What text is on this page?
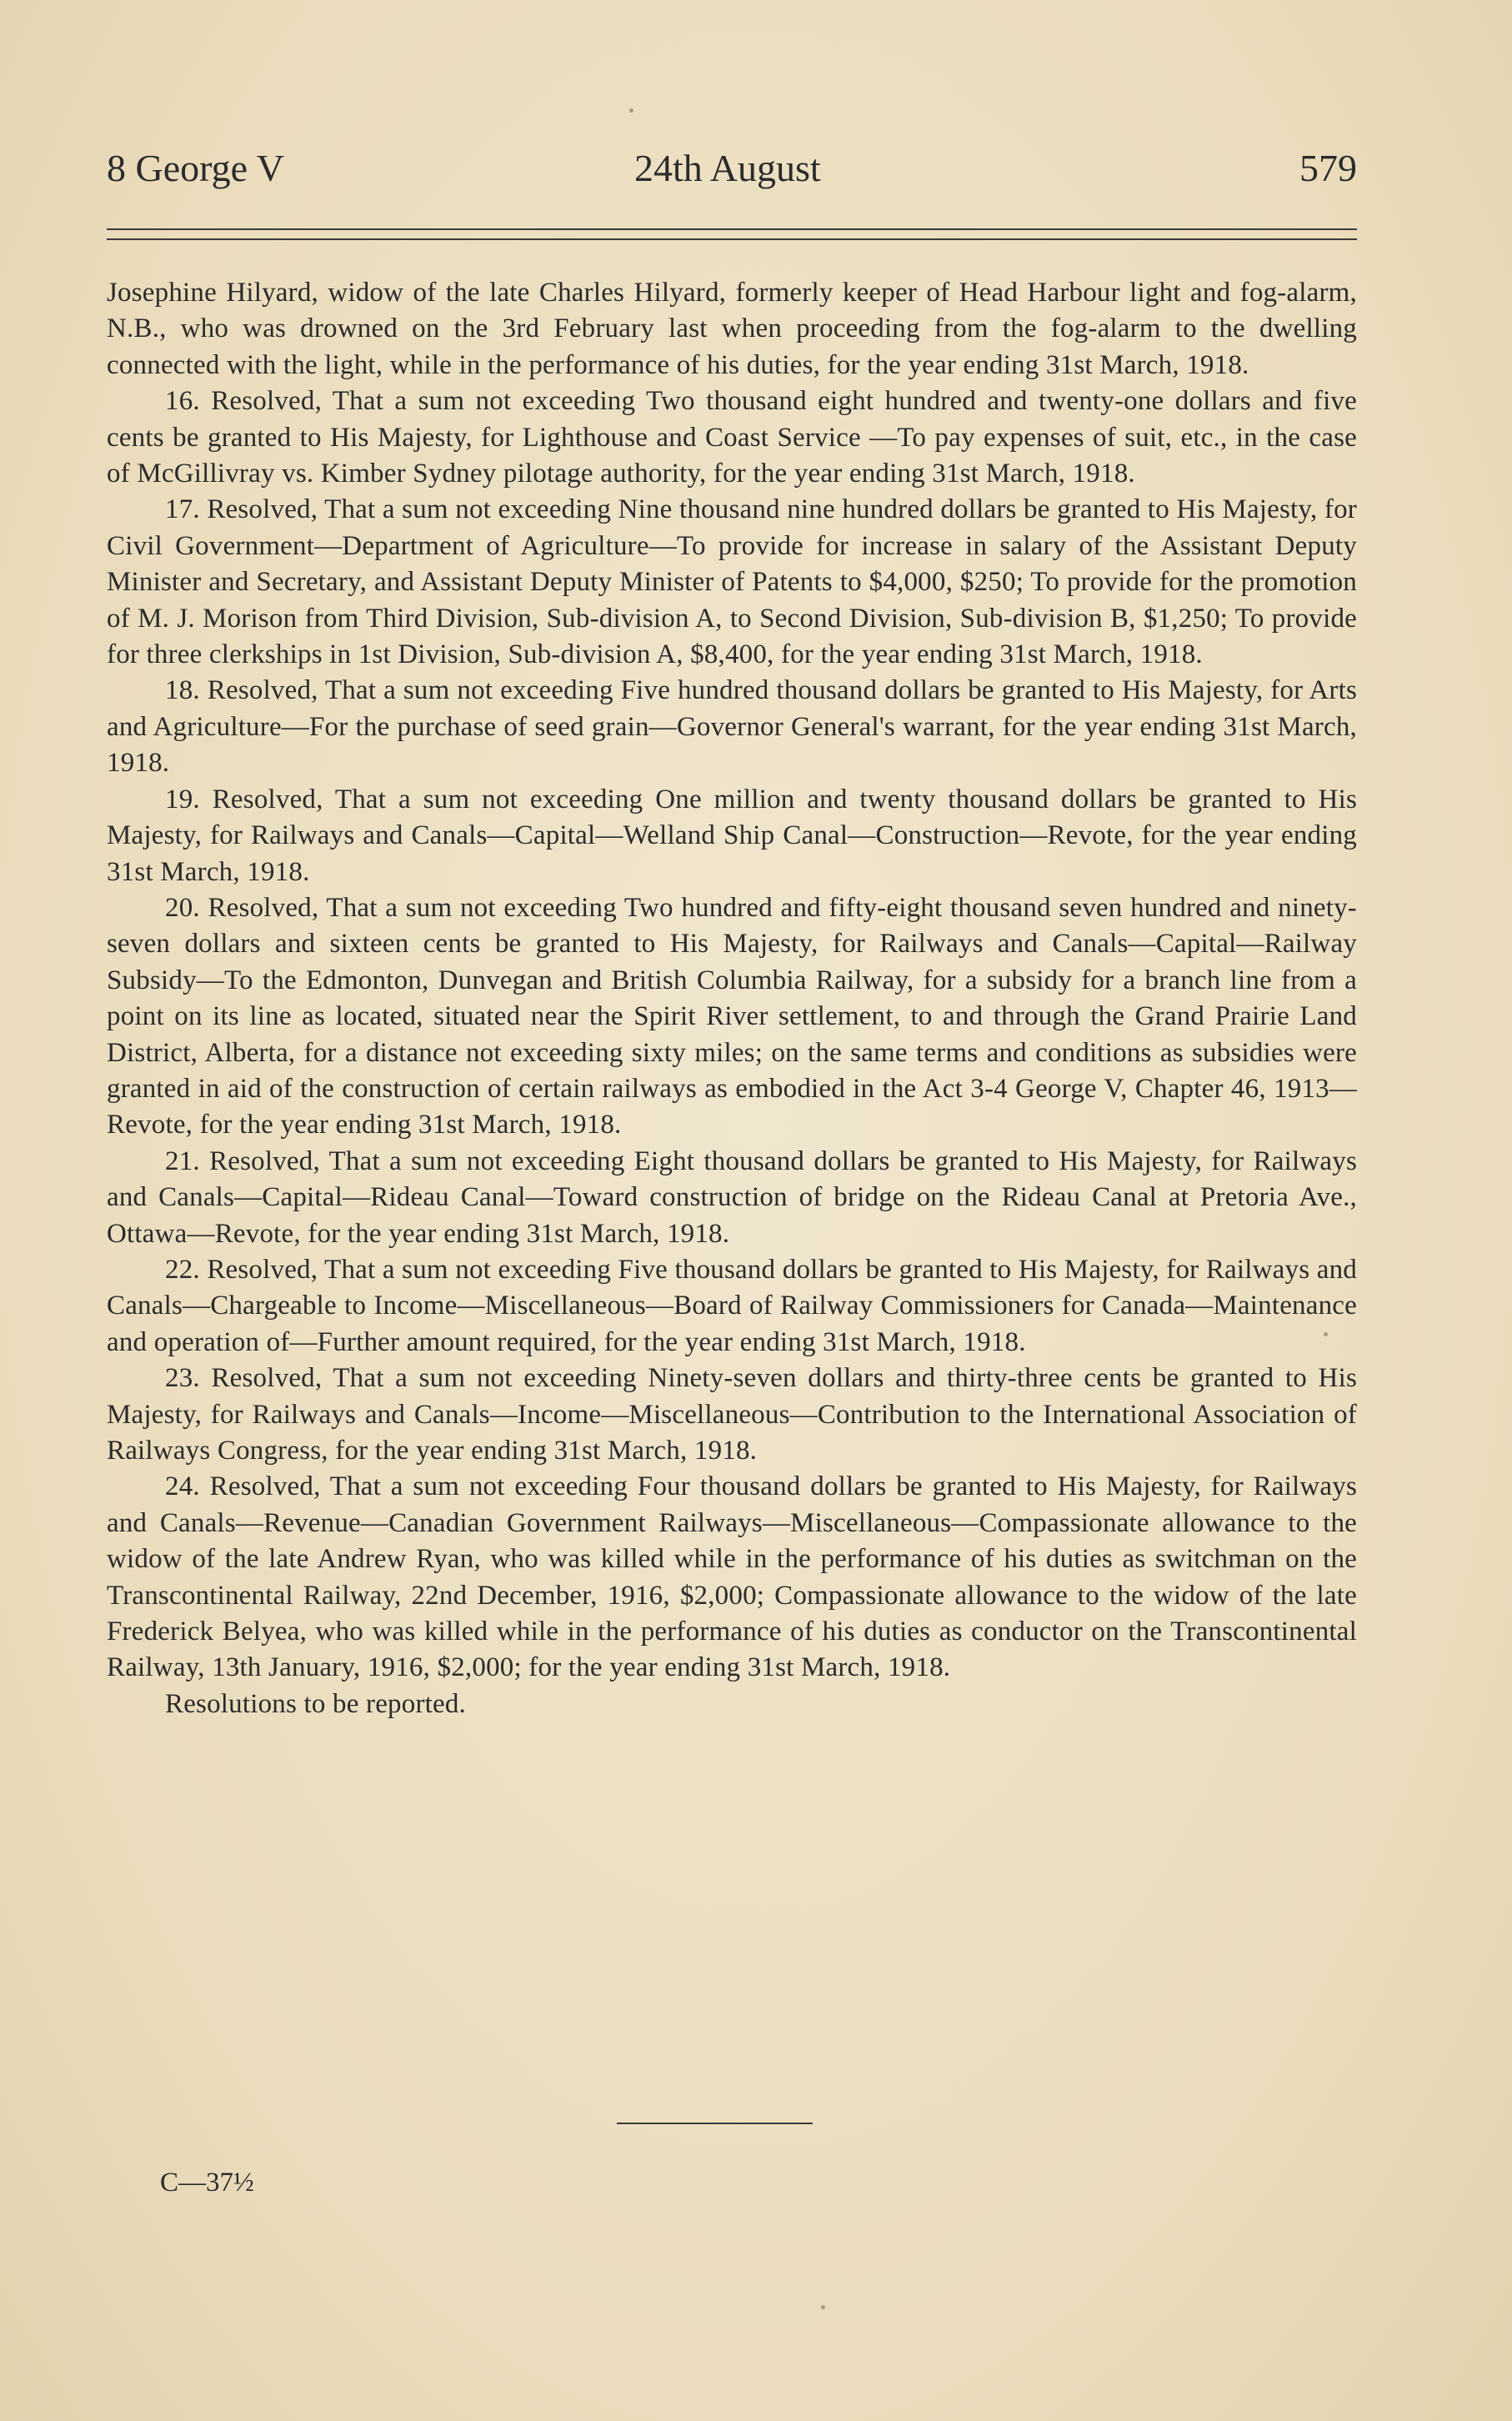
8 George V	24th August	579

Josephine Hilyard, widow of the late Charles Hilyard, formerly keeper of Head Harbour light and fog-alarm, N.B., who was drowned on the 3rd February last when proceeding from the fog-alarm to the dwelling connected with the light, while in the performance of his duties, for the year ending 31st March, 1918.

16. Resolved, That a sum not exceeding Two thousand eight hundred and twenty-one dollars and five cents be granted to His Majesty, for Lighthouse and Coast Service —To pay expenses of suit, etc., in the case of McGillivray vs. Kimber Sydney pilotage authority, for the year ending 31st March, 1918.

17. Resolved, That a sum not exceeding Nine thousand nine hundred dollars be granted to His Majesty, for Civil Government—Department of Agriculture—To provide for increase in salary of the Assistant Deputy Minister and Secretary, and Assistant Deputy Minister of Patents to $4,000, $250; To provide for the promotion of M. J. Morison from Third Division, Sub-division A, to Second Division, Sub-division B, $1,250; To provide for three clerkships in 1st Division, Sub-division A, $8,400, for the year ending 31st March, 1918.

18. Resolved, That a sum not exceeding Five hundred thousand dollars be granted to His Majesty, for Arts and Agriculture—For the purchase of seed grain—Governor General's warrant, for the year ending 31st March, 1918.

19. Resolved, That a sum not exceeding One million and twenty thousand dollars be granted to His Majesty, for Railways and Canals—Capital—Welland Ship Canal—Construction—Revote, for the year ending 31st March, 1918.

20. Resolved, That a sum not exceeding Two hundred and fifty-eight thousand seven hundred and ninety-seven dollars and sixteen cents be granted to His Majesty, for Railways and Canals—Capital—Railway Subsidy—To the Edmonton, Dunvegan and British Columbia Railway, for a subsidy for a branch line from a point on its line as located, situated near the Spirit River settlement, to and through the Grand Prairie Land District, Alberta, for a distance not exceeding sixty miles; on the same terms and conditions as subsidies were granted in aid of the construction of certain railways as embodied in the Act 3-4 George V, Chapter 46, 1913—Revote, for the year ending 31st March, 1918.

21. Resolved, That a sum not exceeding Eight thousand dollars be granted to His Majesty, for Railways and Canals—Capital—Rideau Canal—Toward construction of bridge on the Rideau Canal at Pretoria Ave., Ottawa—Revote, for the year ending 31st March, 1918.

22. Resolved, That a sum not exceeding Five thousand dollars be granted to His Majesty, for Railways and Canals—Chargeable to Income—Miscellaneous—Board of Railway Commissioners for Canada—Maintenance and operation of—Further amount required, for the year ending 31st March, 1918.

23. Resolved, That a sum not exceeding Ninety-seven dollars and thirty-three cents be granted to His Majesty, for Railways and Canals—Income—Miscellaneous—Contribution to the International Association of Railways Congress, for the year ending 31st March, 1918.

24. Resolved, That a sum not exceeding Four thousand dollars be granted to His Majesty, for Railways and Canals—Revenue—Canadian Government Railways—Miscellaneous—Compassionate allowance to the widow of the late Andrew Ryan, who was killed while in the performance of his duties as switchman on the Transcontinental Railway, 22nd December, 1916, $2,000; Compassionate allowance to the widow of the late Frederick Belyea, who was killed while in the performance of his duties as conductor on the Transcontinental Railway, 13th January, 1916, $2,000; for the year ending 31st March, 1918.

Resolutions to be reported.

C—37½
